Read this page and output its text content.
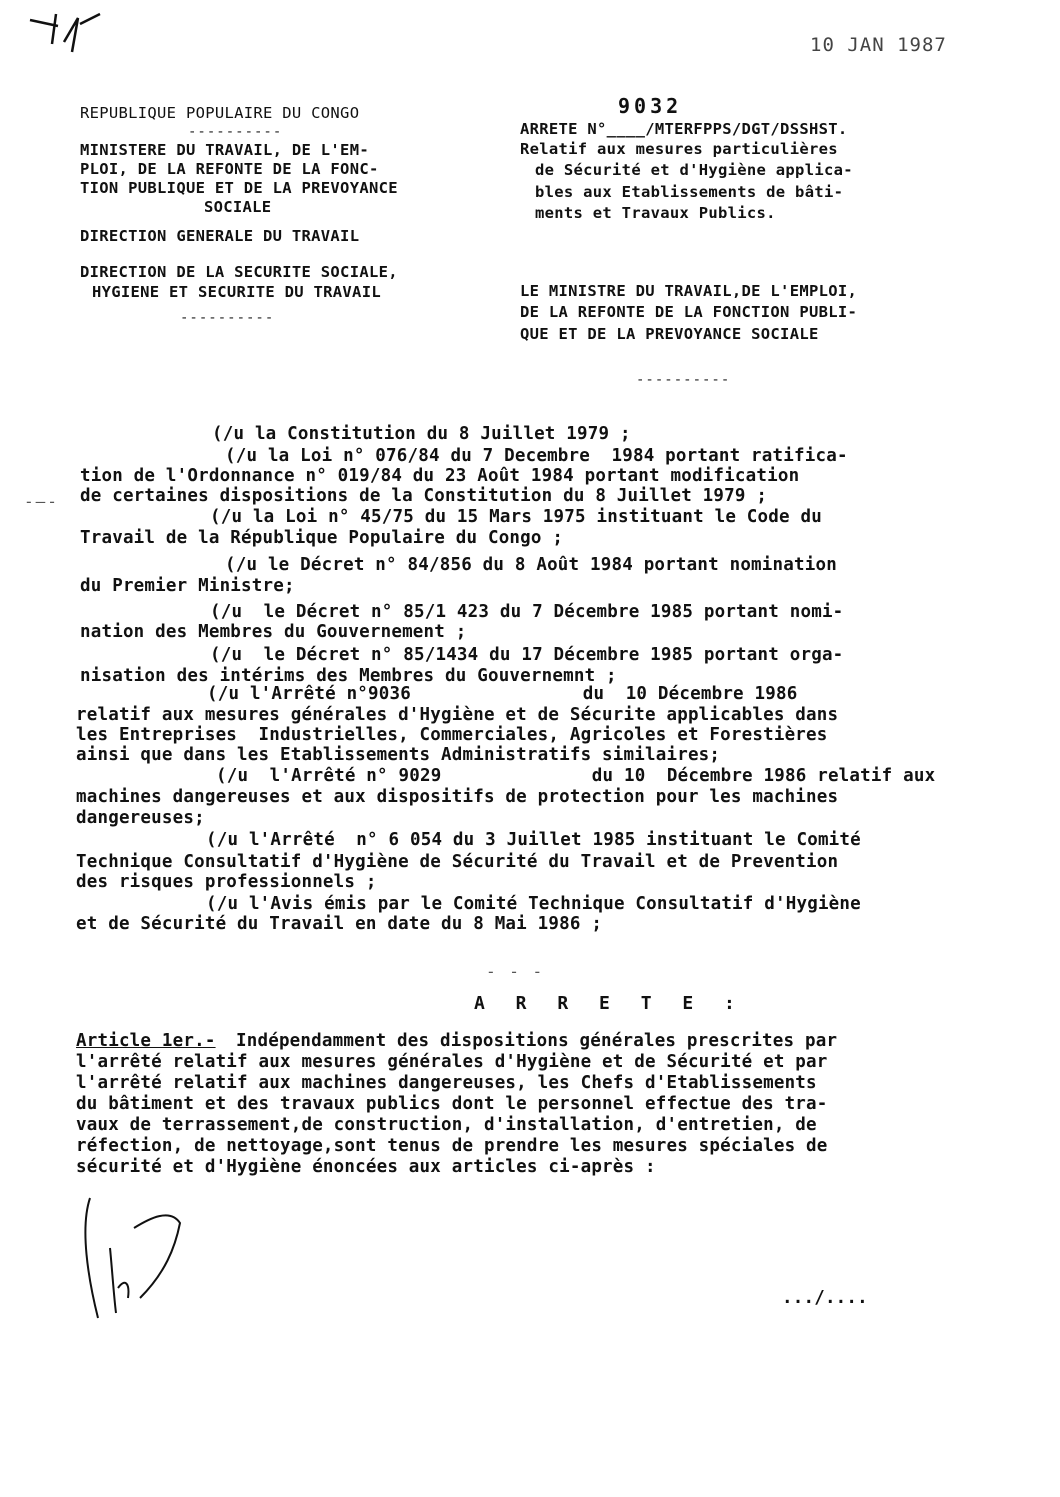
10 JAN 1987
REPUBLIQUE POPULAIRE DU CONGO
----------
MINISTERE DU TRAVAIL, DE L'EM-
PLOI, DE LA REFONTE DE LA FONC-
TION PUBLIQUE ET DE LA PREVOYANCE
SOCIALE
DIRECTION GENERALE DU TRAVAIL
DIRECTION DE LA SECURITE SOCIALE,
HYGIENE ET SECURITE DU TRAVAIL
----------
9032
ARRETE N°____/MTERFPPS/DGT/DSSHST.
Relatif aux mesures particulières
de Sécurité et d'Hygiène applica-
bles aux Etablissements de bâti-
ments et Travaux Publics.
LE MINISTRE DU TRAVAIL,DE L'EMPLOI,
DE LA REFONTE DE LA FONCTION PUBLI-
QUE ET DE LA PREVOYANCE SOCIALE
----------
(/u la Constitution du 8 Juillet 1979 ;
(/u la Loi n° 076/84 du 7 Decembre  1984 portant ratifica-
tion de l'Ordonnance n° 019/84 du 23 Août 1984 portant modification
de certaines dispositions de la Constitution du 8 Juillet 1979 ;
(/u la Loi n° 45/75 du 15 Mars 1975 instituant le Code du
Travail de la République Populaire du Congo ;
(/u le Décret n° 84/856 du 8 Août 1984 portant nomination
du Premier Ministre;
(/u  le Décret n° 85/1 423 du 7 Décembre 1985 portant nomi-
nation des Membres du Gouvernement ;
(/u  le Décret n° 85/1434 du 17 Décembre 1985 portant orga-
nisation des intérims des Membres du Gouvernemnt ;
(/u l'Arrêté n°9036                du  10 Décembre 1986
relatif aux mesures générales d'Hygiène et de Sécurite applicables dans
les Entreprises  Industrielles, Commerciales, Agricoles et Forestières
ainsi que dans les Etablissements Administratifs similaires;
(/u  l'Arrêté n° 9029              du 10  Décembre 1986 relatif aux
machines dangereuses et aux dispositifs de protection pour les machines
dangereuses;
(/u l'Arrêté  n° 6 054 du 3 Juillet 1985 instituant le Comité
Technique Consultatif d'Hygiène de Sécurité du Travail et de Prevention
des risques professionnels ;
(/u l'Avis émis par le Comité Technique Consultatif d'Hygiène
et de Sécurité du Travail en date du 8 Mai 1986 ;
- - -
A R R E T E :
Article 1er.- Indépendamment des dispositions générales prescrites par
l'arrêté relatif aux mesures générales d'Hygiène et de Sécurité et par
l'arrêté relatif aux machines dangereuses, les Chefs d'Etablissements
du bâtiment et des travaux publics dont le personnel effectue des tra-
vaux de terrassement,de construction, d'installation, d'entretien, de
réfection, de nettoyage,sont tenus de prendre les mesures spéciales de
sécurité et d'Hygiène énoncées aux articles ci-après :
.../....
-—-
